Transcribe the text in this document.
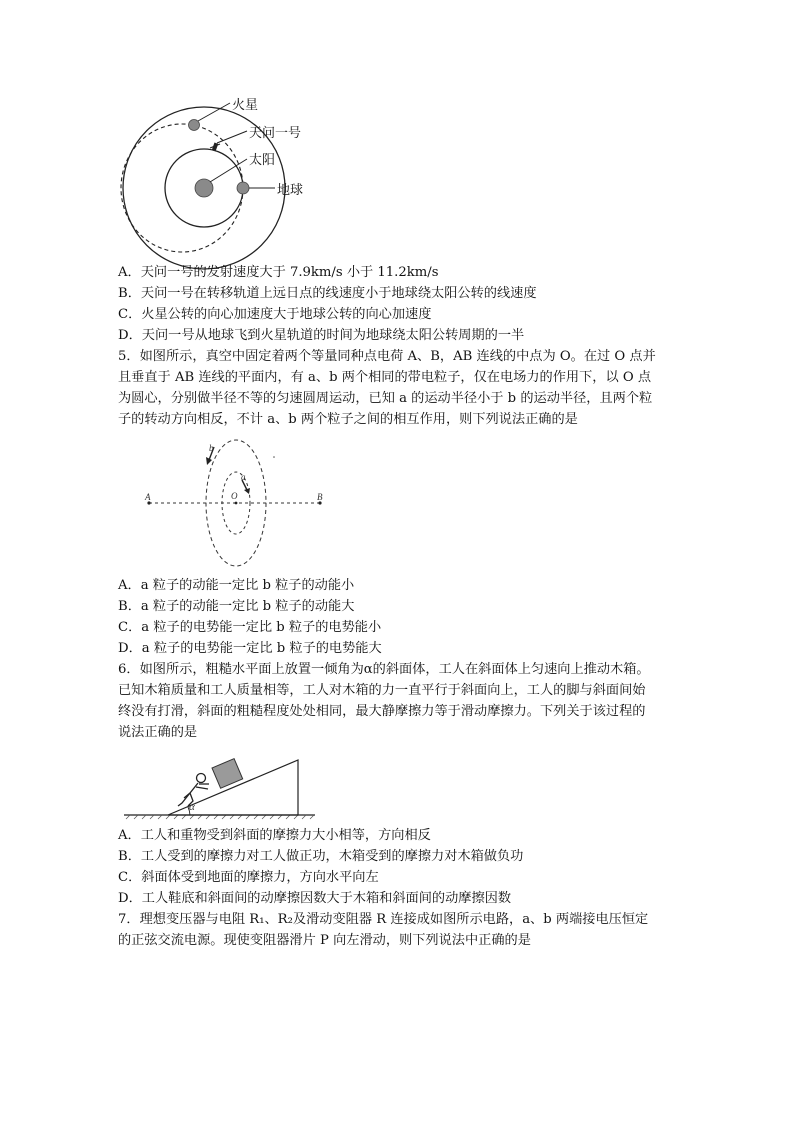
火星
天问一号
太阳
地球
A．天问一号的发射速度大于 7.9km/s 小于 11.2km/s
B．天问一号在转移轨道上远日点的线速度小于地球绕太阳公转的线速度
C．火星公转的向心加速度大于地球公转的向心加速度
D．天问一号从地球飞到火星轨道的时间为地球绕太阳公转周期的一半
5．如图所示，真空中固定着两个等量同种点电荷 A、B，AB 连线的中点为 O。在过 O 点并
且垂直于 AB 连线的平面内，有 a、b 两个相同的带电粒子，仅在电场力的作用下，以 O 点
为圆心，分别做半径不等的匀速圆周运动，已知 a 的运动半径小于 b 的运动半径，且两个粒
子的转动方向相反，不计 a、b 两个粒子之间的相互作用，则下列说法正确的是
A	B
O
a
b
A．a 粒子的动能一定比 b 粒子的动能小
B．a 粒子的动能一定比 b 粒子的动能大
C．a 粒子的电势能一定比 b 粒子的电势能小
D．a 粒子的电势能一定比 b 粒子的电势能大
6．如图所示，粗糙水平面上放置一倾角为α的斜面体，工人在斜面体上匀速向上推动木箱。
已知木箱质量和工人质量相等，工人对木箱的力一直平行于斜面向上，工人的脚与斜面间始
终没有打滑，斜面的粗糙程度处处相同，最大静摩擦力等于滑动摩擦力。下列关于该过程的
说法正确的是
α
A．工人和重物受到斜面的摩擦力大小相等，方向相反
B．工人受到的摩擦力对工人做正功，木箱受到的摩擦力对木箱做负功
C．斜面体受到地面的摩擦力，方向水平向左
D．工人鞋底和斜面间的动摩擦因数大于木箱和斜面间的动摩擦因数
7．理想变压器与电阻 R₁、R₂及滑动变阻器 R 连接成如图所示电路，a、b 两端接电压恒定
的正弦交流电源。现使变阻器滑片 P 向左滑动，则下列说法中正确的是
